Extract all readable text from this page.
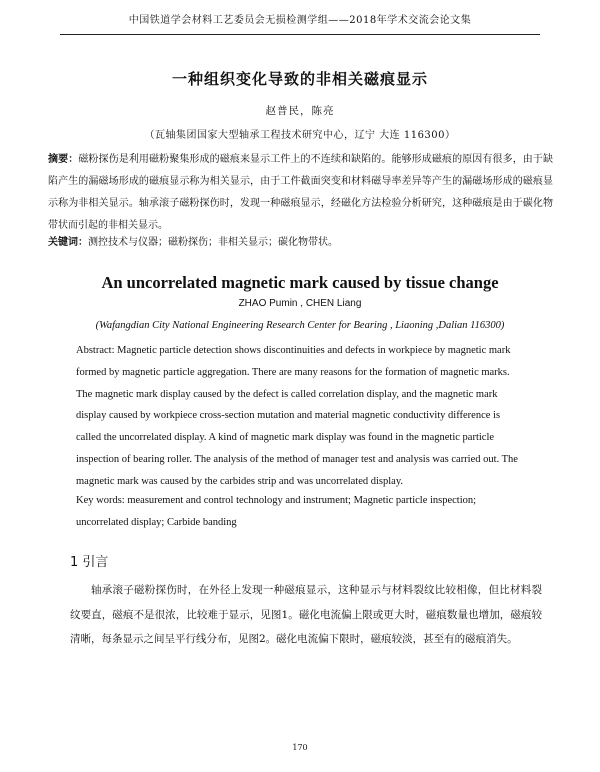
中国铁道学会材料工艺委员会无损检测学组——2018年学术交流会论文集
一种组织变化导致的非相关磁痕显示
赵普民，陈亮
（瓦轴集团国家大型轴承工程技术研究中心，辽宁 大连 116300）
摘要：磁粉探伤是利用磁粉聚集形成的磁痕来显示工件上的不连续和缺陷的。能够形成磁痕的原因有很多，由于缺陷产生的漏磁场形成的磁痕显示称为相关显示，由于工件截面突变和材料磁导率差异等产生的漏磁场形成的磁痕显示称为非相关显示。轴承滚子磁粉探伤时，发现一种磁痕显示，经磁化方法检验分析研究，这种磁痕是由于碳化物带状而引起的非相关显示。
关键词：测控技术与仪器；磁粉探伤；非相关显示；碳化物带状。
An uncorrelated magnetic mark caused by tissue change
ZHAO Pumin , CHEN Liang
(Wafangdian City National Engineering Research Center for Bearing , Liaoning ,Dalian 116300)
Abstract: Magnetic particle detection shows discontinuities and defects in workpiece by magnetic mark formed by magnetic particle aggregation. There are many reasons for the formation of magnetic marks. The magnetic mark display caused by the defect is called correlation display, and the magnetic mark display caused by workpiece cross-section mutation and material magnetic conductivity difference is called the uncorrelated display. A kind of magnetic mark display was found in the magnetic particle inspection of bearing roller. The analysis of the method of manager test and analysis was carried out. The magnetic mark was caused by the carbides strip and was uncorrelated display.
Key words: measurement and control technology and instrument; Magnetic particle inspection; uncorrelated display; Carbide banding
1 引言
轴承滚子磁粉探伤时，在外径上发现一种磁痕显示，这种显示与材料裂纹比较相像，但比材料裂纹要直，磁痕不是很浓，比较难于显示，见图1。磁化电流偏上限或更大时，磁痕数量也增加，磁痕较清晰，每条显示之间呈平行线分布，见图2。磁化电流偏下限时，磁痕较淡，甚至有的磁痕消失。
170
